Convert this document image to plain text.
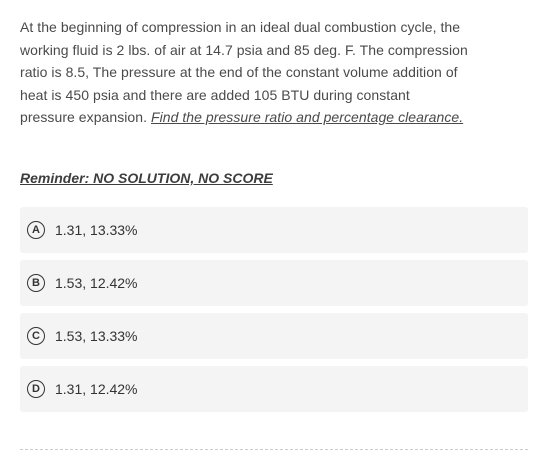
At the beginning of compression in an ideal dual combustion cycle, the
working fluid is 2 lbs. of air at 14.7 psia and 85 deg. F. The compression
ratio is 8.5, The pressure at the end of the constant volume addition of
heat is 450 psia and there are added 105 BTU during constant
pressure expansion. Find the pressure ratio and percentage clearance.
Reminder: NO SOLUTION, NO SCORE
A	1.31, 13.33%
B	1.53, 12.42%
C	1.53, 13.33%
D	1.31, 12.42%
